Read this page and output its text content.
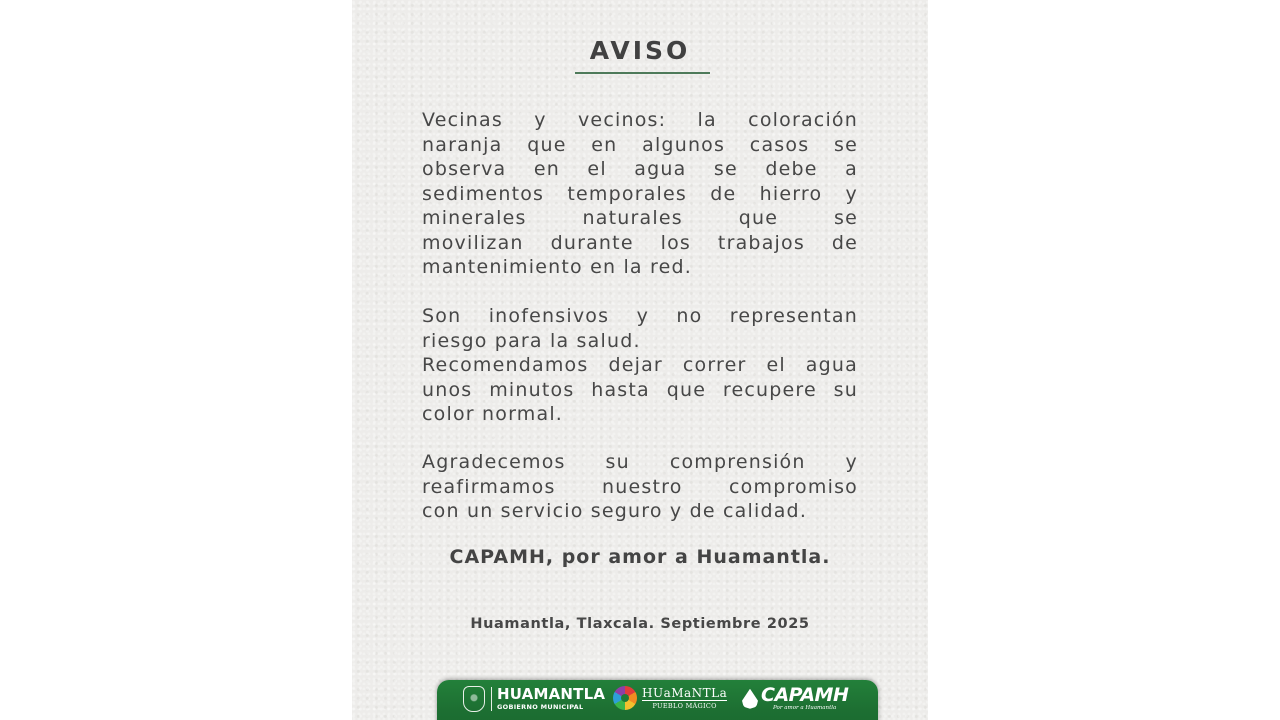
AVISO

Vecinas y vecinos: la coloración
naranja que en algunos casos se
observa en el agua se debe a
sedimentos temporales de hierro y
minerales naturales que se
movilizan durante los trabajos de
mantenimiento en la red.

Son inofensivos y no representan
riesgo para la salud.
Recomendamos dejar correr el agua
unos minutos hasta que recupere su
color normal.

Agradecemos su comprensión y
reafirmamos nuestro compromiso
con un servicio seguro y de calidad.

CAPAMH, por amor a Huamantla.

Huamantla, Tlaxcala. Septiembre 2025

HUAMANTLA
GOBIERNO MUNICIPAL
HUaMaNTLa
PUEBLO MÁGICO CAPAMH
Por amor a Huamantla
